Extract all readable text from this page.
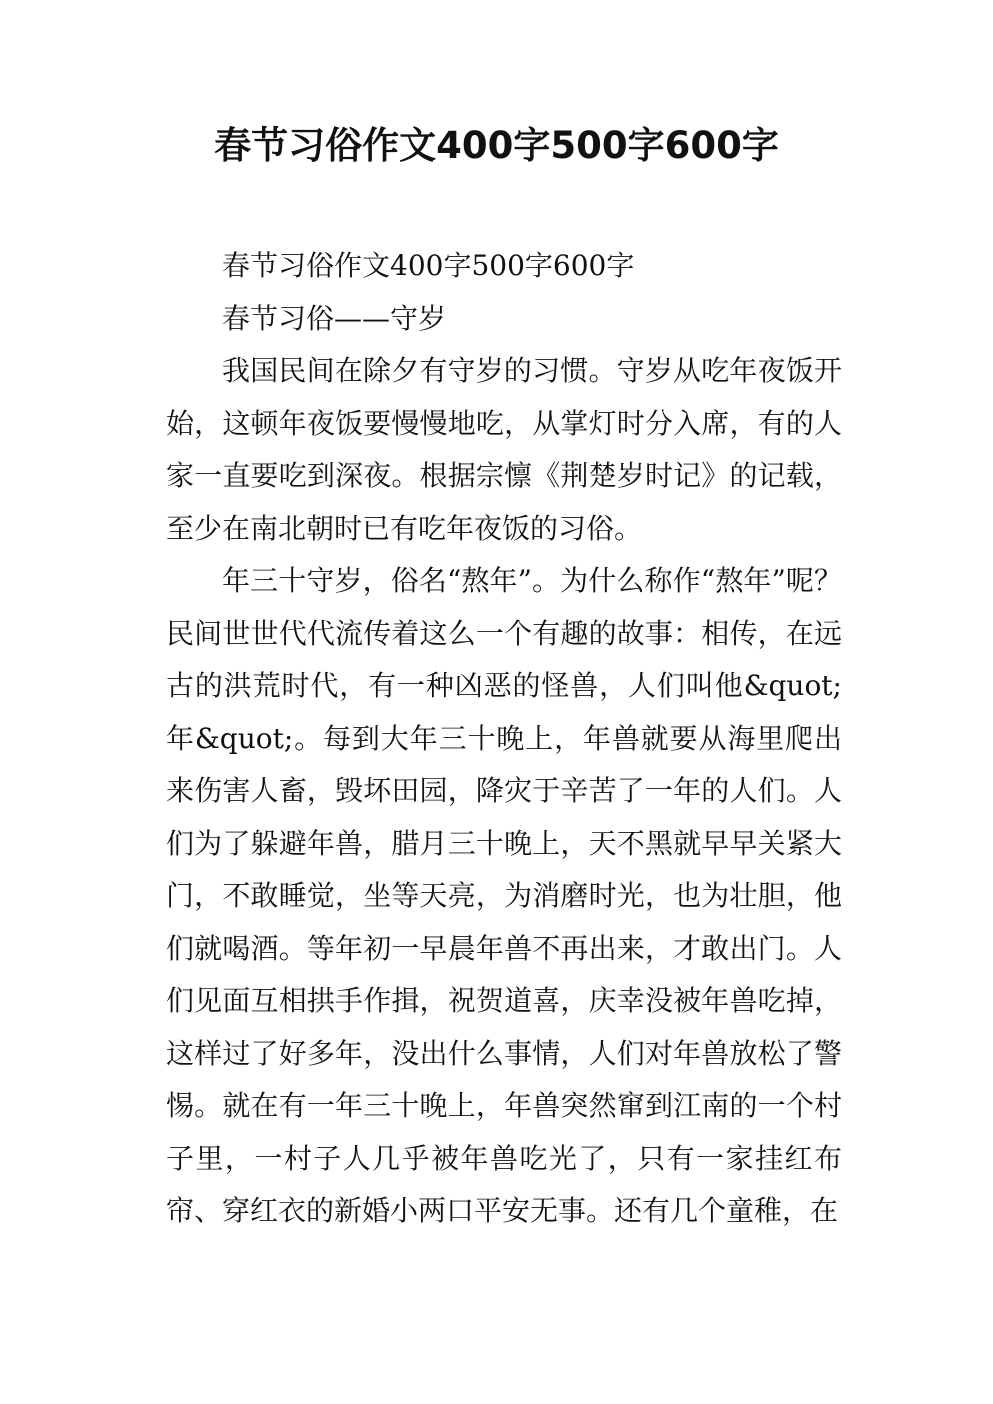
春节习俗作文400字500字600字

春节习俗作文400字500字600字

春节习俗——守岁

我国民间在除夕有守岁的习惯。守岁从吃年夜饭开始，这顿年夜饭要慢慢地吃，从掌灯时分入席，有的人家一直要吃到深夜。根据宗懔《荆楚岁时记》的记载，至少在南北朝时已有吃年夜饭的习俗。

年三十守岁，俗名“熬年”。为什么称作“熬年”呢？民间世世代代流传着这么一个有趣的故事：相传，在远古的洪荒时代，有一种凶恶的怪兽，人们叫他&quot;年&quot;。每到大年三十晚上，年兽就要从海里爬出来伤害人畜，毁坏田园，降灾于辛苦了一年的人们。人们为了躲避年兽，腊月三十晚上，天不黑就早早关紧大门，不敢睡觉，坐等天亮，为消磨时光，也为壮胆，他们就喝酒。等年初一早晨年兽不再出来，才敢出门。人们见面互相拱手作揖，祝贺道喜，庆幸没被年兽吃掉，这样过了好多年，没出什么事情，人们对年兽放松了警惕。就在有一年三十晚上，年兽突然窜到江南的一个村子里，一村子人几乎被年兽吃光了，只有一家挂红布帘、穿红衣的新婚小两口平安无事。还有几个童稚，在
